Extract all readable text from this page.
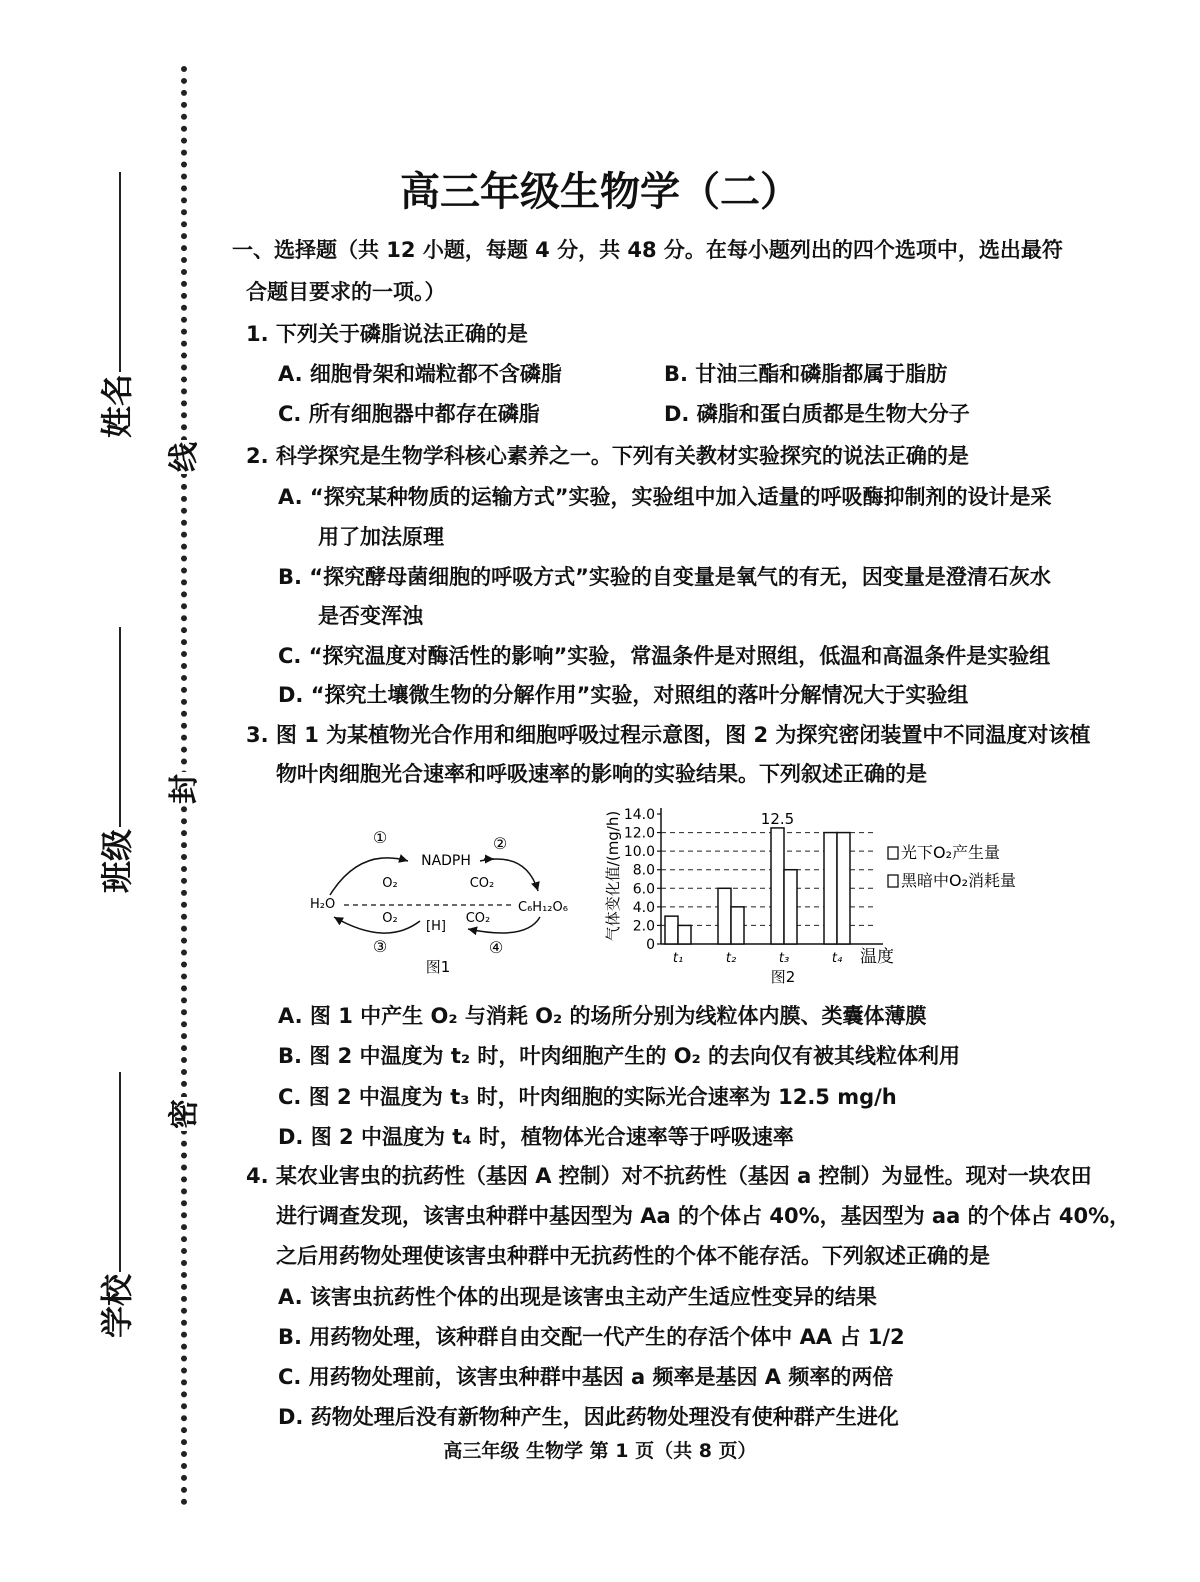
线
封
密
姓名
班级
学校
高三年级生物学（二）
一、选择题（共 12 小题，每题 4 分，共 48 分。在每小题列出的四个选项中，选出最符
合题目要求的一项。）
1. 下列关于磷脂说法正确的是
A. 细胞骨架和端粒都不含磷脂	B. 甘油三酯和磷脂都属于脂肪
C. 所有细胞器中都存在磷脂	D. 磷脂和蛋白质都是生物大分子
2. 科学探究是生物学科核心素养之一。下列有关教材实验探究的说法正确的是
A. “探究某种物质的运输方式”实验，实验组中加入适量的呼吸酶抑制剂的设计是采
用了加法原理
B. “探究酵母菌细胞的呼吸方式”实验的自变量是氧气的有无，因变量是澄清石灰水
是否变浑浊
C. “探究温度对酶活性的影响”实验，常温条件是对照组，低温和高温条件是实验组
D. “探究土壤微生物的分解作用”实验，对照组的落叶分解情况大于实验组
3. 图 1 为某植物光合作用和细胞呼吸过程示意图，图 2 为探究密闭装置中不同温度对该植
物叶肉细胞光合速率和呼吸速率的影响的实验结果。下列叙述正确的是
①	②
NADPH
O₂	CO₂
H₂O	C₆H₁₂O₆
O₂
[H]
CO₂
③	④
图1
气体变化值/(mg/h)
温度
图2
0
2.0
4.0
6.0
8.0
10.0
12.0
14.0
t₁	t₂	t₃	t₄
12.5
光下O₂产生量
黑暗中O₂消耗量
A. 图 1 中产生 O₂ 与消耗 O₂ 的场所分别为线粒体内膜、类囊体薄膜
B. 图 2 中温度为 t₂ 时，叶肉细胞产生的 O₂ 的去向仅有被其线粒体利用
C. 图 2 中温度为 t₃ 时，叶肉细胞的实际光合速率为 12.5 mg/h
D. 图 2 中温度为 t₄ 时，植物体光合速率等于呼吸速率
4. 某农业害虫的抗药性（基因 A 控制）对不抗药性（基因 a 控制）为显性。现对一块农田
进行调查发现，该害虫种群中基因型为 Aa 的个体占 40%，基因型为 aa 的个体占 40%，
之后用药物处理使该害虫种群中无抗药性的个体不能存活。下列叙述正确的是
A. 该害虫抗药性个体的出现是该害虫主动产生适应性变异的结果
B. 用药物处理，该种群自由交配一代产生的存活个体中 AA 占 1/2
C. 用药物处理前，该害虫种群中基因 a 频率是基因 A 频率的两倍
D. 药物处理后没有新物种产生，因此药物处理没有使种群产生进化
高三年级 生物学 第 1 页（共 8 页）
